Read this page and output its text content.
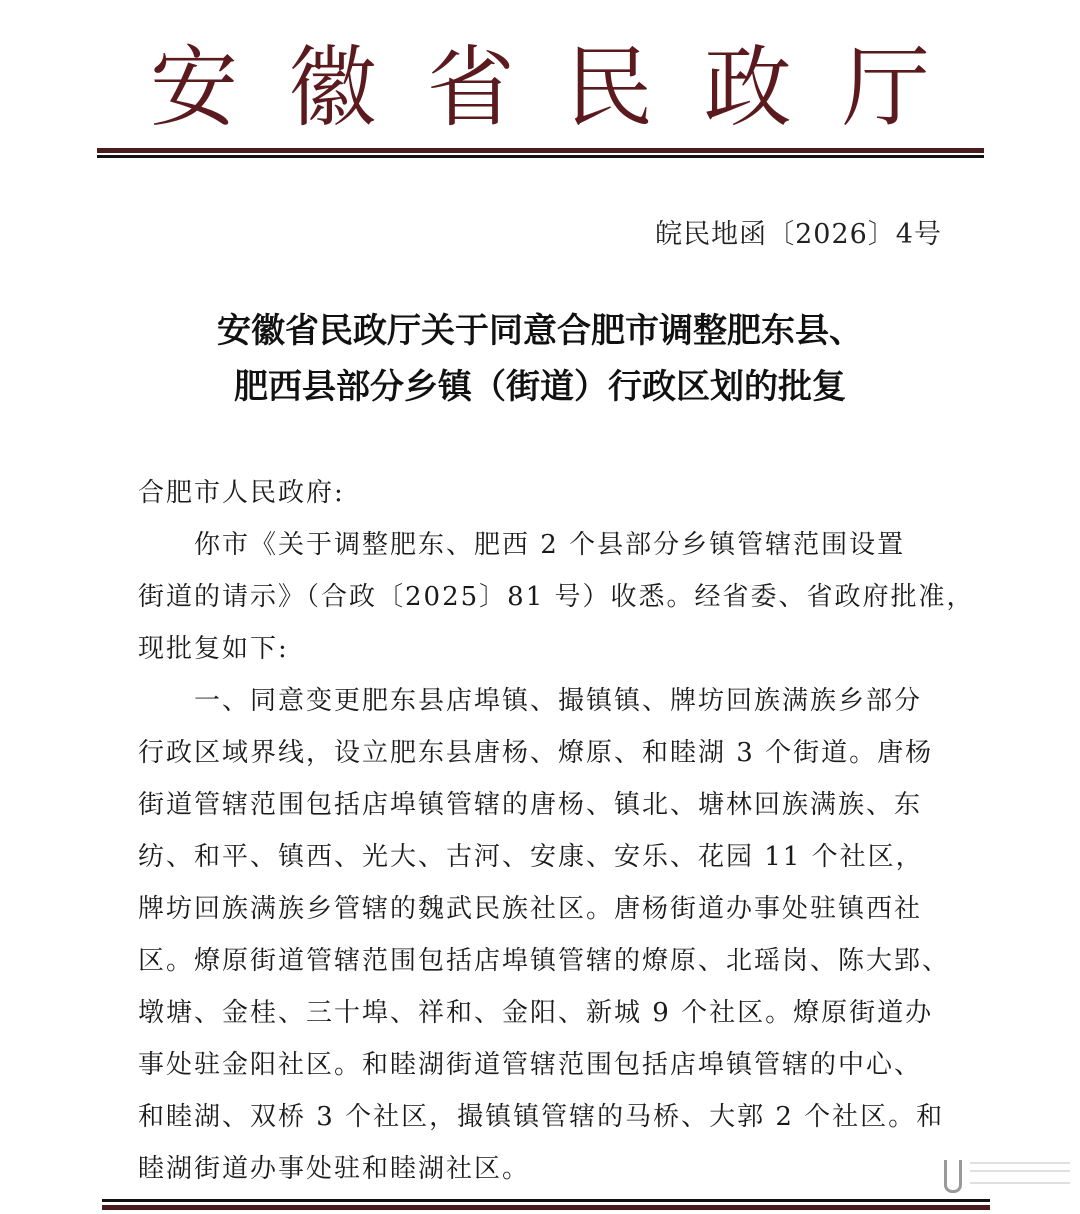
安 徽 省 民 政 厅
皖民地函〔2026〕4号
安徽省民政厅关于同意合肥市调整肥东县、
肥西县部分乡镇（街道）行政区划的批复
合肥市人民政府:
你市《关于调整肥东、肥西 2 个县部分乡镇管辖范围设置
街道的请示》（合政〔2025〕81 号）收悉。经省委、省政府批准，
现批复如下:
一、同意变更肥东县店埠镇、撮镇镇、牌坊回族满族乡部分
行政区域界线，设立肥东县唐杨、燎原、和睦湖 3 个街道。唐杨
街道管辖范围包括店埠镇管辖的唐杨、镇北、塘林回族满族、东
纺、和平、镇西、光大、古河、安康、安乐、花园 11 个社区，
牌坊回族满族乡管辖的魏武民族社区。唐杨街道办事处驻镇西社
区。燎原街道管辖范围包括店埠镇管辖的燎原、北瑶岗、陈大郢、
墩塘、金桂、三十埠、祥和、金阳、新城 9 个社区。燎原街道办
事处驻金阳社区。和睦湖街道管辖范围包括店埠镇管辖的中心、
和睦湖、双桥 3 个社区，撮镇镇管辖的马桥、大郭 2 个社区。和
睦湖街道办事处驻和睦湖社区。
